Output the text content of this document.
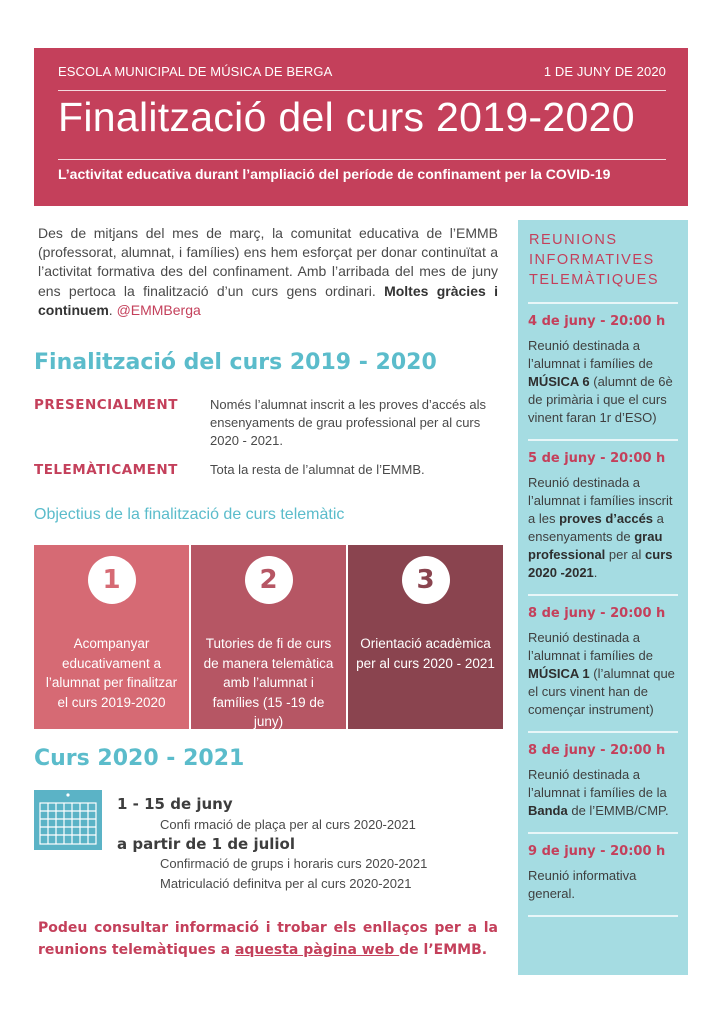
ESCOLA MUNICIPAL DE MÚSICA DE BERGA	1 DE JUNY DE 2020
Finalització del curs 2019-2020
L’activitat educativa durant l’ampliació del període de confinament per la COVID-19

Des de mitjans del mes de març, la comunitat educativa de l’EMMB (professorat, alumnat, i famílies) ens hem esforçat per donar continuïtat a l’activitat formativa des del confinament. Amb l’arribada del mes de juny ens pertoca la finalització d’un curs gens ordinari. Moltes gràcies i continuem. @EMMBerga

Finalització del curs 2019 - 2020
PRESENCIALMENT Només l’alumnat inscrit a les proves d’accés als ensenyaments de grau professional per al curs 2020 - 2021.
TELEMÀTICAMENT Tota la resta de l’alumnat de l’EMMB.
Objectius de la finalització de curs telemàtic
1
Acompanyar educativament a l’alumnat per finalitzar el curs 2019-2020
2
Tutories de fi de curs de manera telemàtica amb l’alumnat i famílies (15 -19 de juny)
3
Orientació acadèmica per al curs 2020 - 2021
Curs 2020 - 2021
1 - 15 de juny
Confi rmació de plaça per al curs 2020-2021
a partir de 1 de juliol
Confirmació de grups i horaris curs 2020-2021
Matriculació definitva per al curs 2020-2021

Podeu consultar informació i trobar els enllaços per a la reunions telemàtiques a aquesta pàgina web de l’EMMB.

REUNIONS INFORMATIVES TELEMÀTIQUES
4 de juny - 20:00 h
Reunió destinada a l’alumnat i famílies de MÚSICA 6 (alumnt de 6è de primària i que el curs vinent faran 1r d’ESO)
5 de juny - 20:00 h
Reunió destinada a l’alumnat i famílies inscrit a les proves d’accés a ensenyaments de grau professional per al curs 2020 -2021.
8 de juny - 20:00 h
Reunió destinada a l’alumnat i famílies de MÚSICA 1 (l’alumnat que el curs vinent han de començar instrument)
8 de juny - 20:00 h
Reunió destinada a l’alumnat i famílies de la Banda de l’EMMB/CMP.
9 de juny - 20:00 h
Reunió informativa general.
